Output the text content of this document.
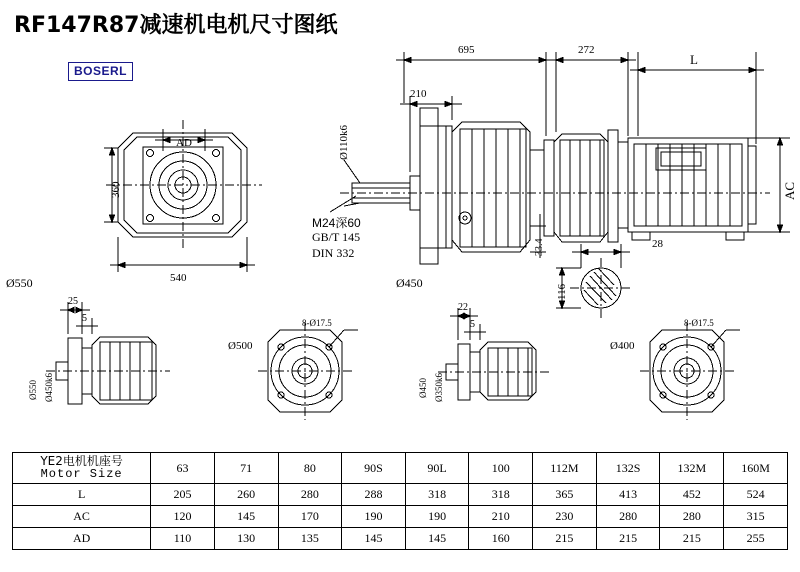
RF147R87减速机电机尺寸图纸
BOSERL
695	272
L
210
Ø110k6
AC
33.4	28
116
AD
360
540
M24深60
GB/T 145
DIN 332
Ø550	Ø450
25
5
Ø550 Ø450k6
8-Ø17.5
Ø500
22
5
Ø450 Ø350k6
8-Ø17.5
Ø400
YE2电机机座号
Motor Size	63	71	80	90S	90L	100	112M	132S	132M	160M
L	205	260	280	288	318	318	365	413	452	524
AC	120	145	170	190	190	210	230	280	280	315
AD	110	130	135	145	145	160	215	215	215	255
